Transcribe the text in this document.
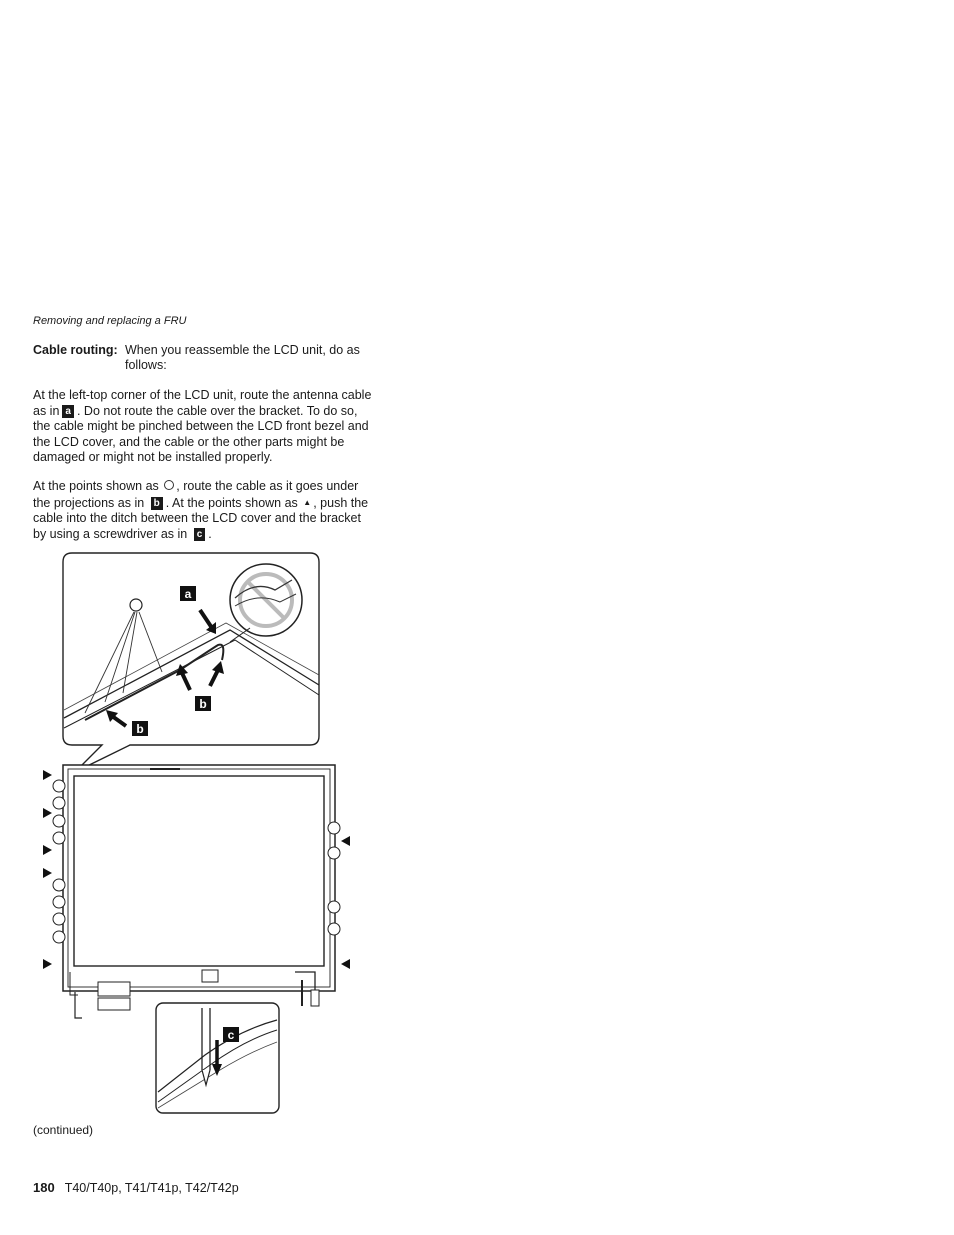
Removing and replacing a FRU
Cable routing: When you reassemble the LCD unit, do as follows:
At the left-top corner of the LCD unit, route the antenna cable as in a . Do not route the cable over the bracket. To do so, the cable might be pinched between the LCD front bezel and the LCD cover, and the cable or the other parts might be damaged or might not be installed properly.
At the points shown as , route the cable as it goes under the projections as in b . At the points shown as ▲ , push the cable into the ditch between the LCD cover and the bracket by using a screwdriver as in c .
a
b
b
c
(continued)
180 T40/T40p, T41/T41p, T42/T42p
